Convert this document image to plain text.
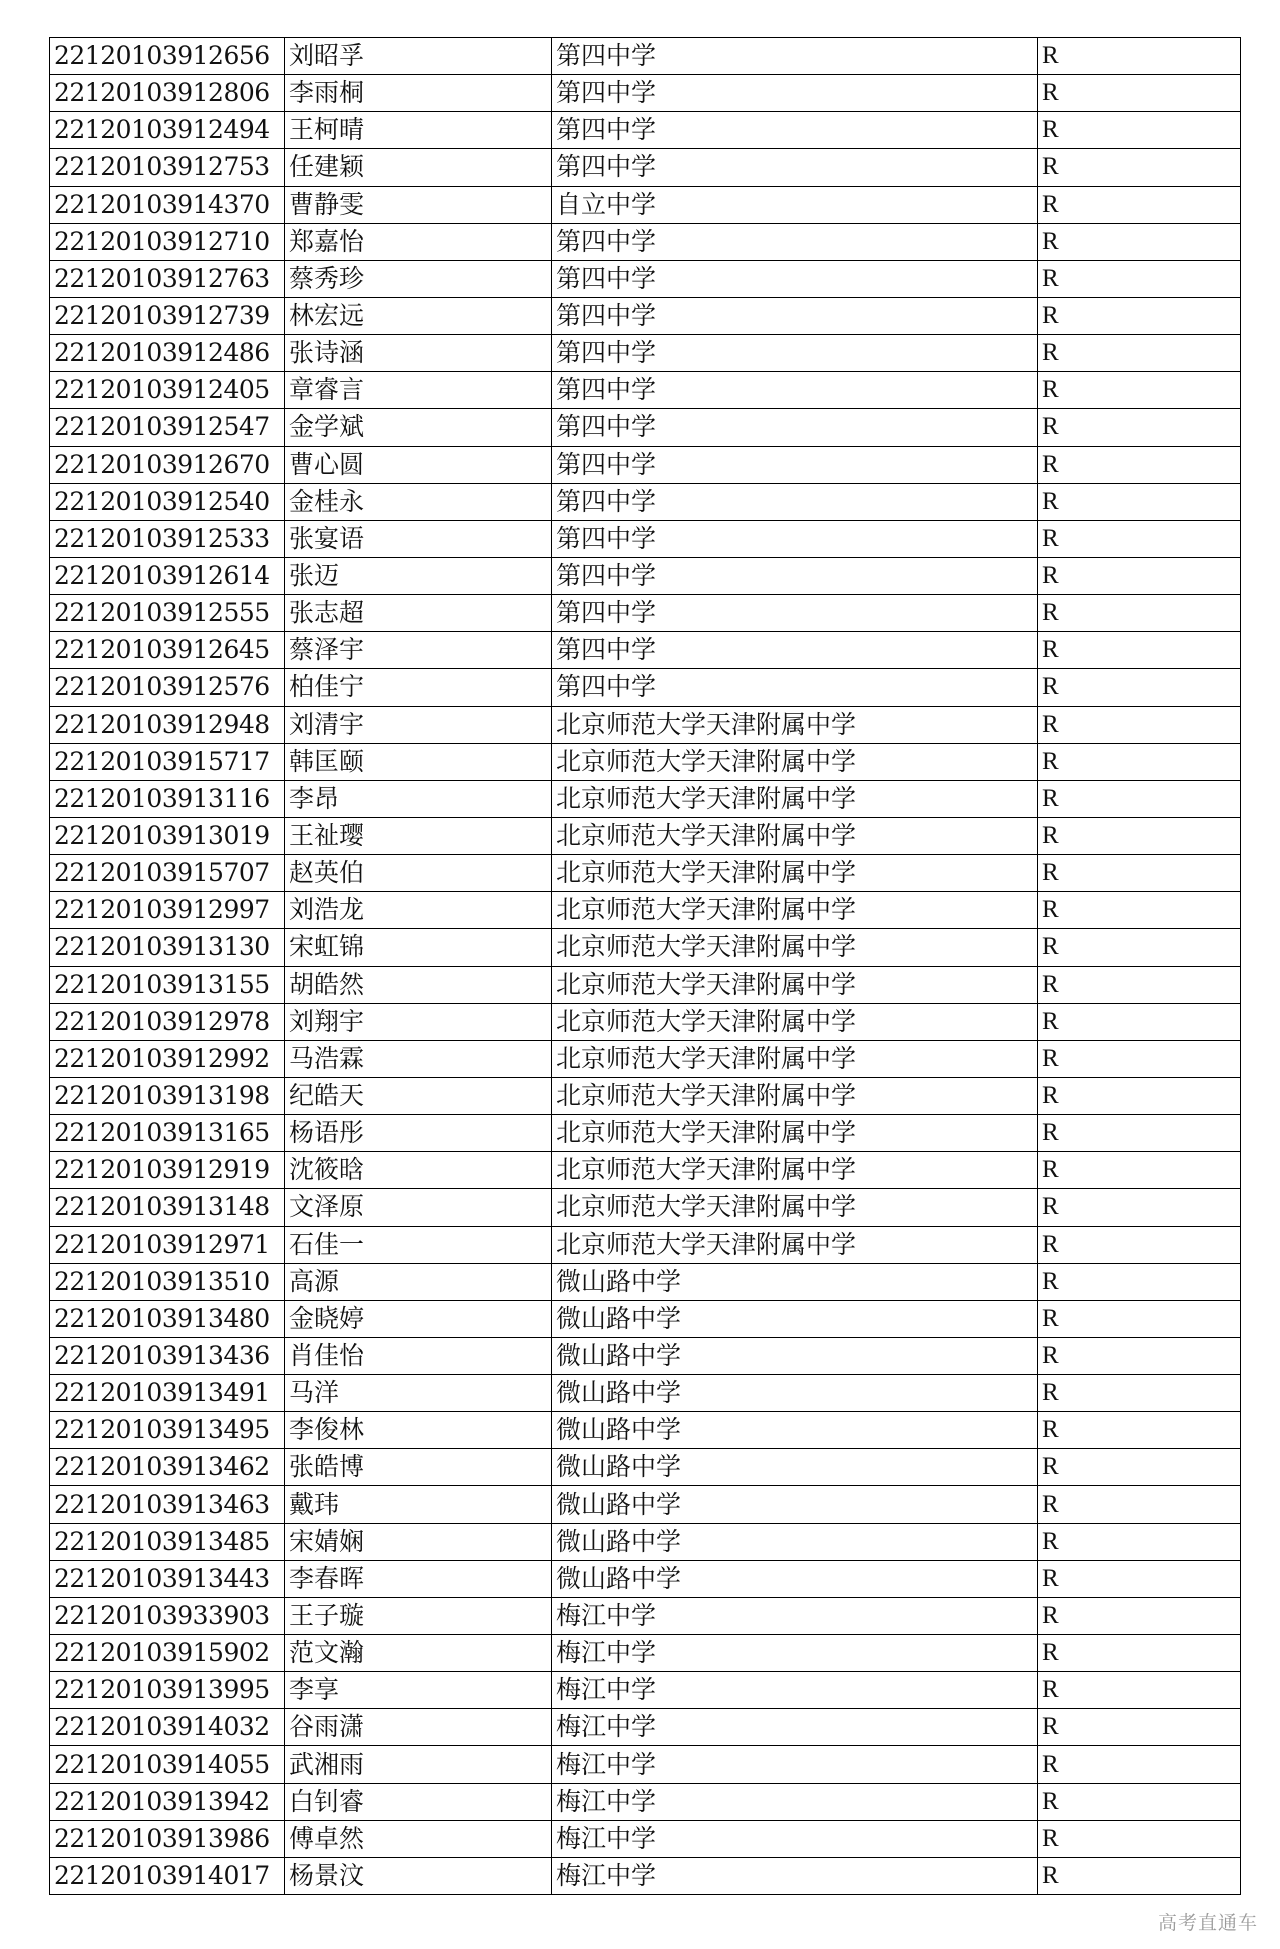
22120103912656	刘昭孚	第四中学	R
22120103912806	李雨桐	第四中学	R
22120103912494	王柯晴	第四中学	R
22120103912753	任建颖	第四中学	R
22120103914370	曹静雯	自立中学	R
22120103912710	郑嘉怡	第四中学	R
22120103912763	蔡秀珍	第四中学	R
22120103912739	林宏远	第四中学	R
22120103912486	张诗涵	第四中学	R
22120103912405	章睿言	第四中学	R
22120103912547	金学斌	第四中学	R
22120103912670	曹心圆	第四中学	R
22120103912540	金桂永	第四中学	R
22120103912533	张宴语	第四中学	R
22120103912614	张迈	第四中学	R
22120103912555	张志超	第四中学	R
22120103912645	蔡泽宇	第四中学	R
22120103912576	柏佳宁	第四中学	R
22120103912948	刘清宇	北京师范大学天津附属中学	R
22120103915717	韩匡颐	北京师范大学天津附属中学	R
22120103913116	李昂	北京师范大学天津附属中学	R
22120103913019	王祉璎	北京师范大学天津附属中学	R
22120103915707	赵英伯	北京师范大学天津附属中学	R
22120103912997	刘浩龙	北京师范大学天津附属中学	R
22120103913130	宋虹锦	北京师范大学天津附属中学	R
22120103913155	胡皓然	北京师范大学天津附属中学	R
22120103912978	刘翔宇	北京师范大学天津附属中学	R
22120103912992	马浩霖	北京师范大学天津附属中学	R
22120103913198	纪皓天	北京师范大学天津附属中学	R
22120103913165	杨语彤	北京师范大学天津附属中学	R
22120103912919	沈筱晗	北京师范大学天津附属中学	R
22120103913148	文泽原	北京师范大学天津附属中学	R
22120103912971	石佳一	北京师范大学天津附属中学	R
22120103913510	高源	微山路中学	R
22120103913480	金晓婷	微山路中学	R
22120103913436	肖佳怡	微山路中学	R
22120103913491	马洋	微山路中学	R
22120103913495	李俊林	微山路中学	R
22120103913462	张皓博	微山路中学	R
22120103913463	戴玮	微山路中学	R
22120103913485	宋婧娴	微山路中学	R
22120103913443	李春晖	微山路中学	R
22120103933903	王子璇	梅江中学	R
22120103915902	范文瀚	梅江中学	R
22120103913995	李享	梅江中学	R
22120103914032	谷雨潇	梅江中学	R
22120103914055	武湘雨	梅江中学	R
22120103913942	白钊睿	梅江中学	R
22120103913986	傅卓然	梅江中学	R
22120103914017	杨景汶	梅江中学	R
高考直通车
